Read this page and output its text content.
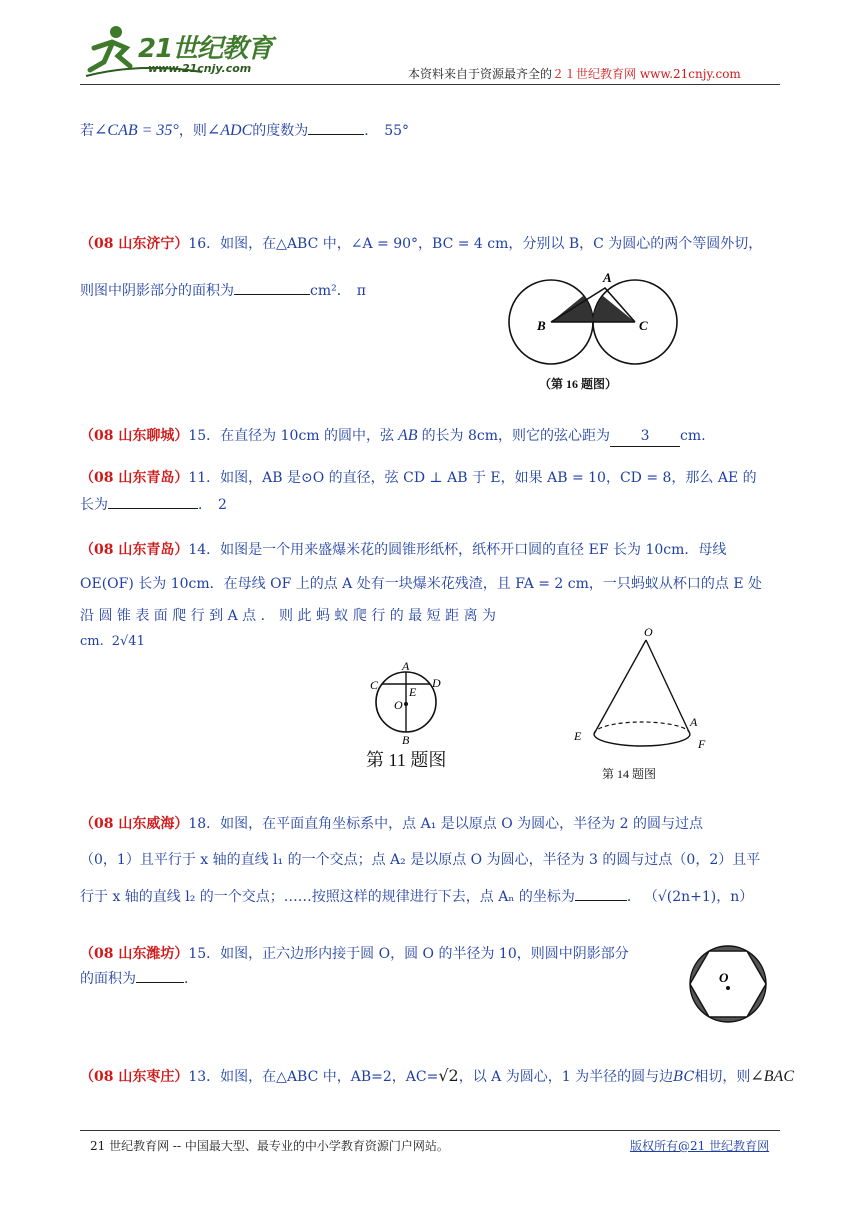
21世纪教育
www.21cnjy.com	本资料来自于资源最齐全的２１世纪教育网 www.21cnjy.com
若∠CAB = 35°，则∠ADC的度数为	． 55°
（08 山东济宁）16．如图，在△ABC 中，∠A = 90°，BC = 4 cm，分别以 B，C 为圆心的两个等圆外切，
则图中阴影部分的面积为	cm²． π
A
B	C
（第 16 题图）
（08 山东聊城）15．在直径为 10cm 的圆中，弦 AB 的长为 8cm，则它的弦心距为 3 cm.
（08 山东青岛）11．如图，AB 是⊙O 的直径，弦 CD ⊥ AB 于 E，如果 AB = 10，CD = 8，那么 AE 的
长为	． 2
（08 山东青岛）14．如图是一个用来盛爆米花的圆锥形纸杯，纸杯开口圆的直径 EF 长为 10cm．母线
OE(OF) 长为 10cm．在母线 OF 上的点 A 处有一块爆米花残渣，且 FA = 2 cm，一只蚂蚁从杯口的点 E 处
沿 圆 锥 表 面 爬 行 到 A 点 ． 则 此 蚂 蚁 爬 行 的 最 短 距 离 为
cm. 2√41
A
C	D
E
O
B
第 11 题图
O
E
A
F
第 14 题图
（08 山东威海）18．如图，在平面直角坐标系中，点 A₁ 是以原点 O 为圆心，半径为 2 的圆与过点
（0，1）且平行于 x 轴的直线 l₁ 的一个交点；点 A₂ 是以原点 O 为圆心，半径为 3 的圆与过点（0，2）且平
行于 x 轴的直线 l₂ 的一个交点；……按照这样的规律进行下去，点 Aₙ 的坐标为	． （√(2n+1)，n）
（08 山东潍坊）15．如图，正六边形内接于圆 O，圆 O 的半径为 10，则圆中阴影部分
的面积为	．	O
（08 山东枣庄）13．如图，在△ABC 中，AB=2，AC=√2，以 A 为圆心，1 为半径的圆与边BC相切，则∠BAC
21 世纪教育网 -- 中国最大型、最专业的中小学教育资源门户网站。	版权所有@21 世纪教育网
